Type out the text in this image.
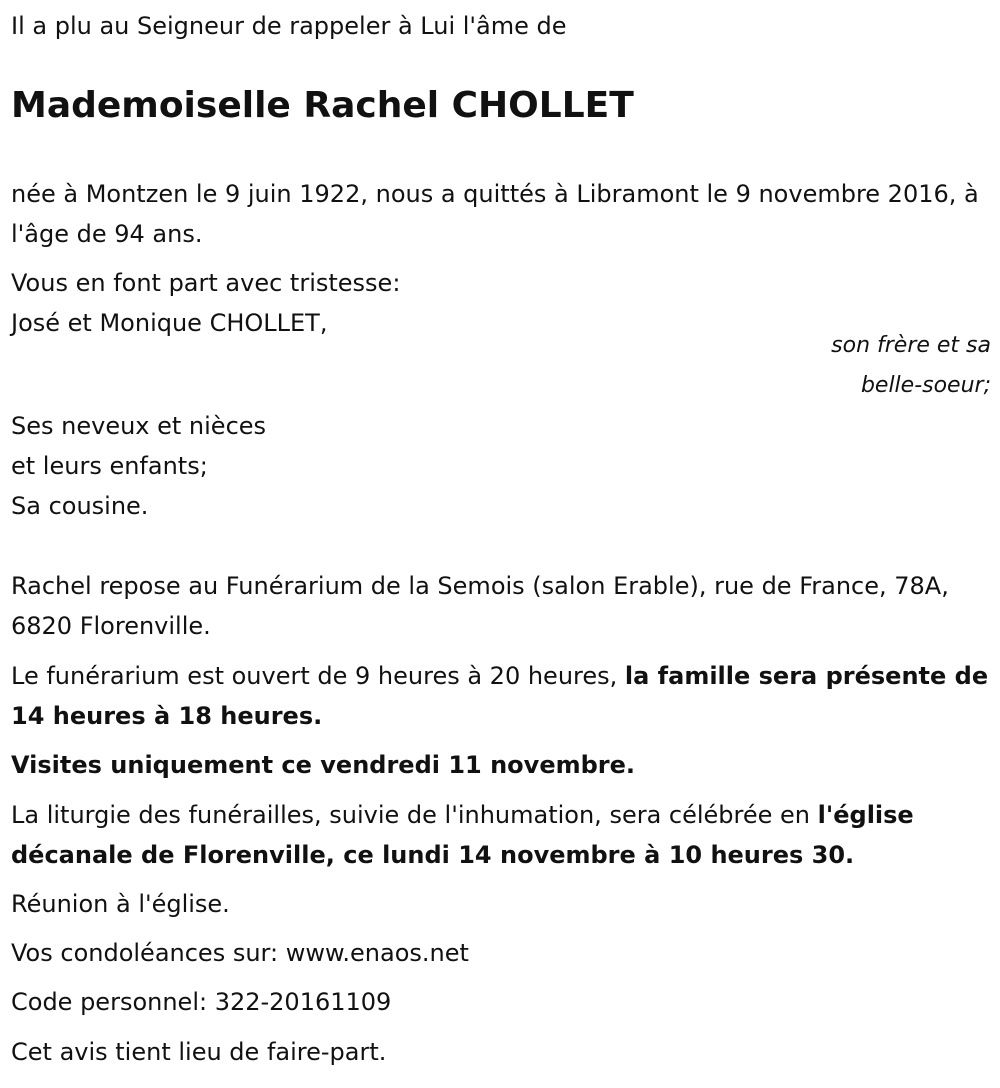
Il a plu au Seigneur de rappeler à Lui l'âme de

Mademoiselle Rachel CHOLLET

née à Montzen le 9 juin 1922, nous a quittés à Libramont le 9 novembre 2016, à l'âge de 94 ans.

Vous en font part avec tristesse:

José et Monique CHOLLET,

son frère et sa
belle-soeur;
Ses neveux et nièces
et leurs enfants;
Sa cousine.

Rachel repose au Funérarium de la Semois (salon Erable), rue de France, 78A, 6820 Florenville.

Le funérarium est ouvert de 9 heures à 20 heures, la famille sera présente de 14 heures à 18 heures.

Visites uniquement ce vendredi 11 novembre.

La liturgie des funérailles, suivie de l'inhumation, sera célébrée en l'église décanale de Florenville, ce lundi 14 novembre à 10 heures 30.

Réunion à l'église.

Vos condoléances sur: www.enaos.net

Code personnel: 322-20161109

Cet avis tient lieu de faire-part.
